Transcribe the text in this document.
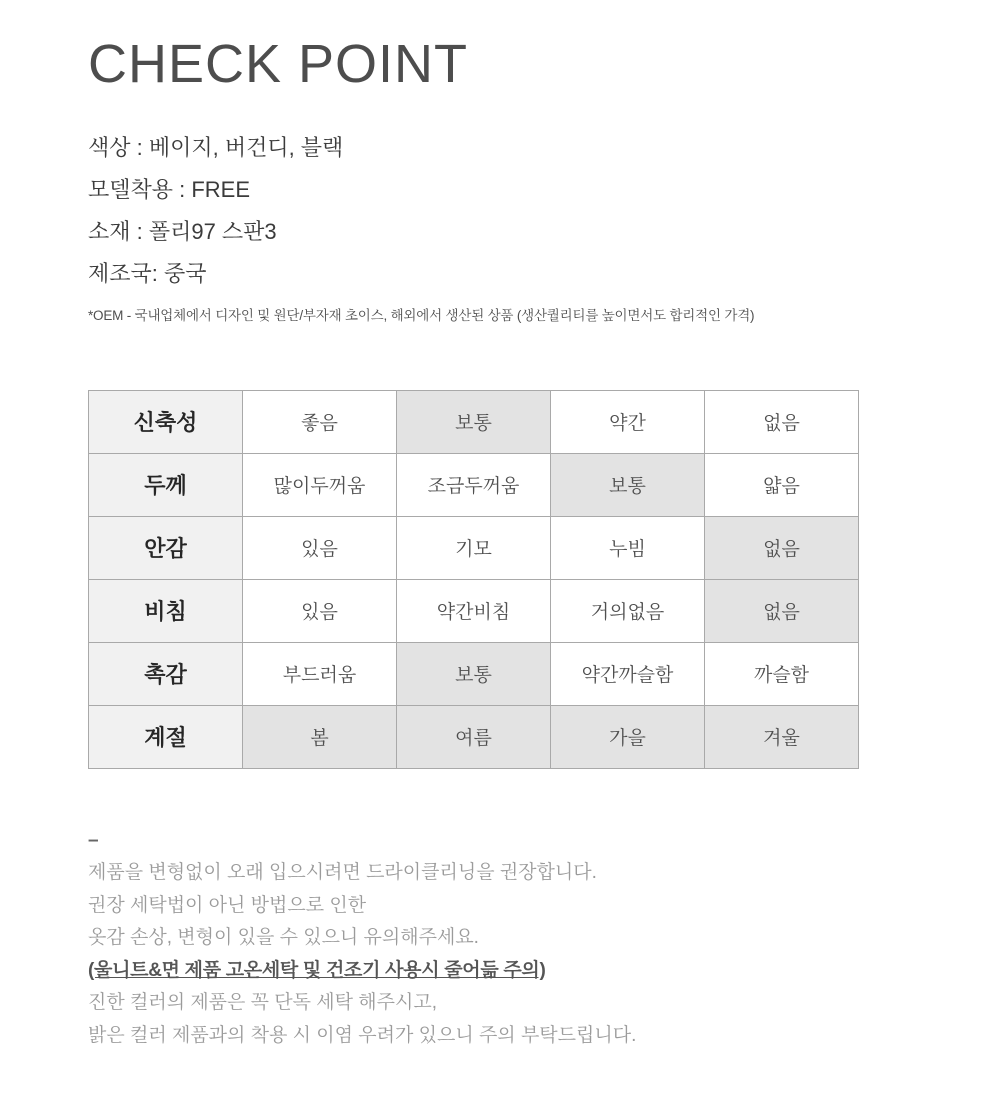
CHECK POINT
색상 : 베이지, 버건디, 블랙
모델착용 : FREE
소재 : 폴리97 스판3
제조국: 중국
*OEM - 국내업체에서 디자인 및 원단/부자재 초이스, 해외에서 생산된 상품 (생산퀄리티를 높이면서도 합리적인 가격)
신축성	좋음	보통	약간	없음
두께	많이두꺼움	조금두꺼움	보통	얇음
안감	있음	기모	누빔	없음
비침	있음	약간비침	거의없음	없음
촉감	부드러움	보통	약간까슬함	까슬함
계절	봄	여름	가을	겨울
–
제품을 변형없이 오래 입으시려면 드라이클리닝을 권장합니다.
권장 세탁법이 아닌 방법으로 인한
옷감 손상, 변형이 있을 수 있으니 유의해주세요.
(울니트&면 제품 고온세탁 및 건조기 사용시 줄어듦 주의)
진한 컬러의 제품은 꼭 단독 세탁 해주시고,
밝은 컬러 제품과의 착용 시 이염 우려가 있으니 주의 부탁드립니다.
